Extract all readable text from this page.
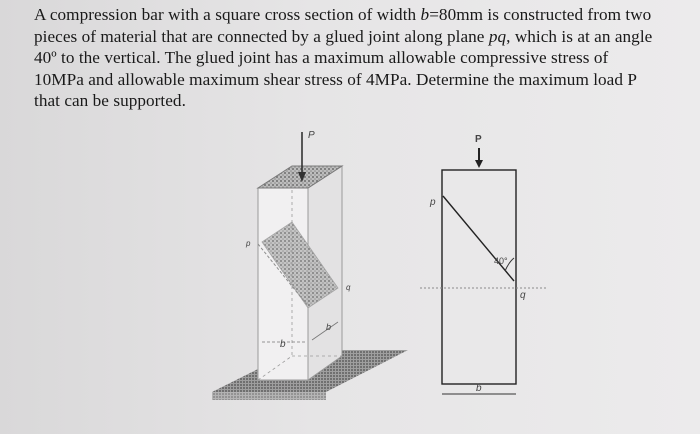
A compression bar with a square cross section of width b=80mm is constructed from two
pieces of material that are connected by a glued joint along plane pq, which is at an angle
40º to the vertical. The glued joint has a maximum allowable compressive stress of
10MPa and allowable maximum shear stress of 4MPa. Determine the maximum load P
that can be supported.
P
b
b
p
q
P
p
40°
q
b
